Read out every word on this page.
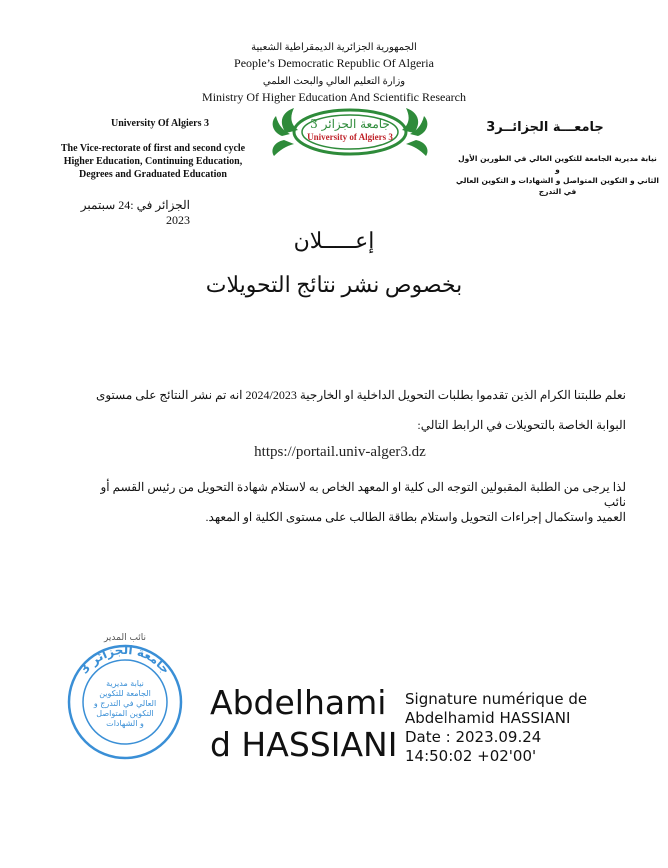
الجمهورية الجزائرية الديمقراطية الشعبية
People’s Democratic Republic Of Algeria
وزارة التعليم العالي والبحث العلمي
Ministry Of Higher Education And Scientific Research
University Of Algiers 3
The Vice-rectorate of first and second cycle
Higher Education, Continuing Education,
Degrees and Graduated Education
جامعة الجزائر 3
University of Algiers 3
جامعـــة الجزائــر3
نيابة مديرية الجامعة للتكوين العالي في الطورين الأول و
الثاني و التكوين المتواصل و الشهادات و التكوين العالي
في التدرج
الجزائر في :24 سبتمبر 2023
إعـــــلان
بخصوص نشر نتائج التحويلات
نعلم طلبتنا الكرام الذين تقدموا بطلبات التحويل الداخلية او الخارجية 2024/2023 انه تم نشر النتائج على مستوى
البوابة الخاصة بالتحويلات في الرابط التالي:
https://portail.univ-alger3.dz
لذا يرجى من الطلبة المقبولين التوجه الى كلية او المعهد الخاص به لاستلام شهادة التحويل من رئيس القسم أو نائب
العميد واستكمال إجراءات التحويل واستلام بطاقة الطالب على مستوى الكلية او المعهد.
نائب المدير
جامعة الجزائر 3
نيابة مديرية
الجامعة للتكوين
العالي في التدرج و
التكوين المتواصل
و الشهادات
Abdelhami
d HASSIANI
Signature numérique de
Abdelhamid HASSIANI
Date : 2023.09.24
14:50:02 +02'00'
